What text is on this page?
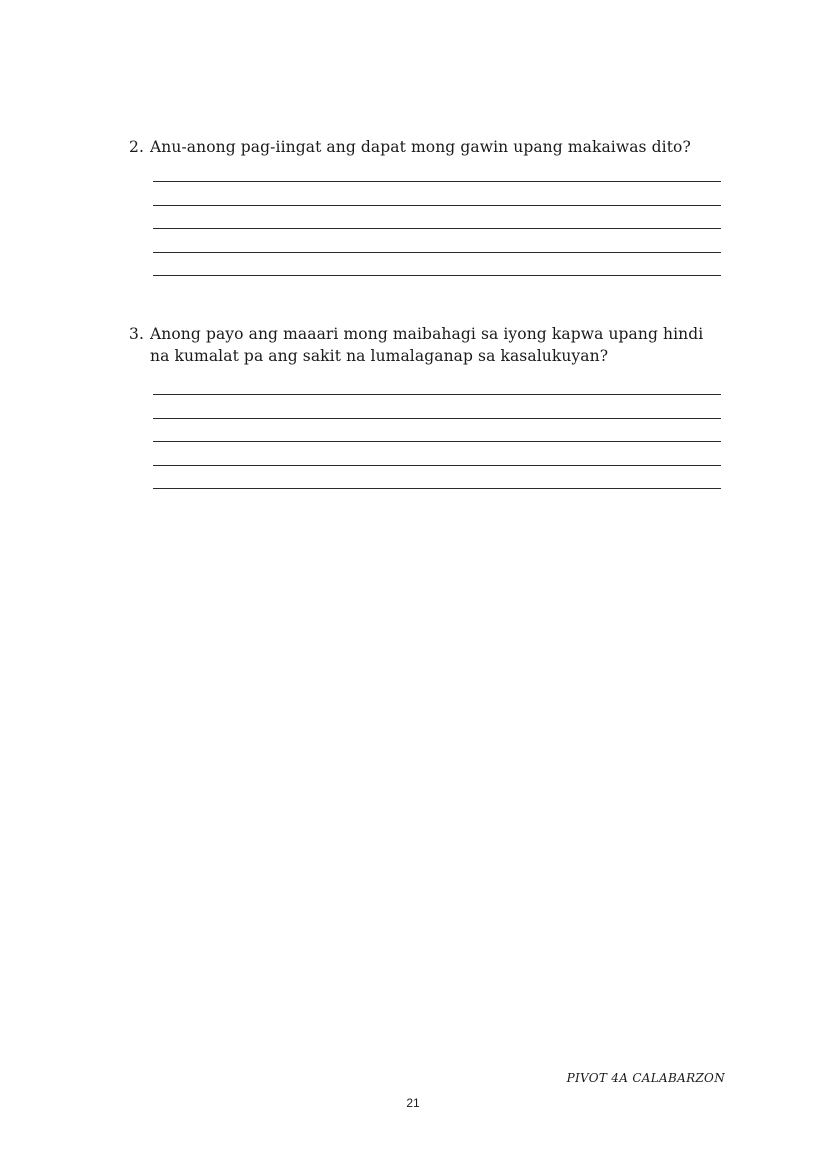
2. Anu-anong pag-iingat ang dapat mong gawin upang makaiwas dito?
3. Anong payo ang maaari mong maibahagi sa iyong kapwa upang hindi
na kumalat pa ang sakit na lumalaganap sa kasalukuyan?
PIVOT 4A CALABARZON
21
